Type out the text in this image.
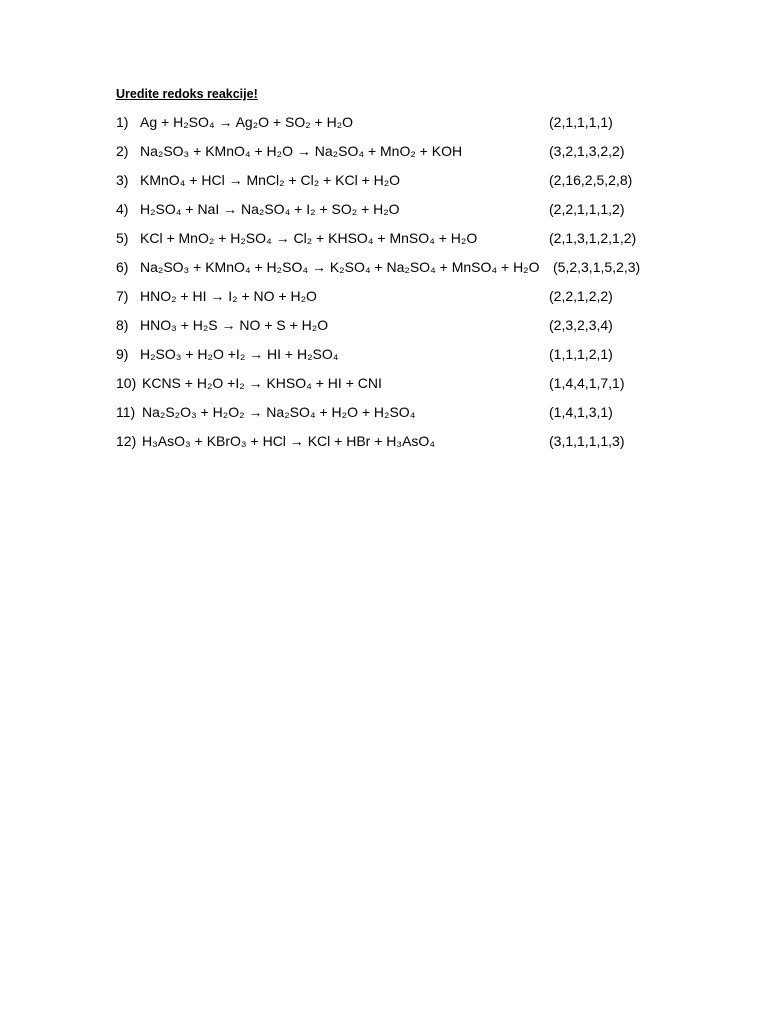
Uredite redoks reakcije!
1) Ag + H₂SO₄ → Ag₂O + SO₂ + H₂O	(2,1,1,1,1)
2) Na₂SO₃ + KMnO₄ + H₂O → Na₂SO₄ + MnO₂ + KOH	(3,2,1,3,2,2)
3) KMnO₄ + HCl → MnCl₂ + Cl₂ + KCl + H₂O	(2,16,2,5,2,8)
4) H₂SO₄ + NaI → Na₂SO₄ + I₂ + SO₂ + H₂O	(2,2,1,1,1,2)
5) KCl + MnO₂ + H₂SO₄ → Cl₂ + KHSO₄ + MnSO₄ + H₂O	(2,1,3,1,2,1,2)
6) Na₂SO₃ + KMnO₄ + H₂SO₄ → K₂SO₄ + Na₂SO₄ + MnSO₄ + H₂O (5,2,3,1,5,2,3)
7) HNO₂ + HI → I₂ + NO + H₂O	(2,2,1,2,2)
8) HNO₃ + H₂S → NO + S + H₂O	(2,3,2,3,4)
9) H₂SO₃ + H₂O +I₂ → HI + H₂SO₄	(1,1,1,2,1)
10) KCNS + H₂O +I₂ → KHSO₄ + HI + CNI	(1,4,4,1,7,1)
11) Na₂S₂O₃ + H₂O₂ → Na₂SO₄ + H₂O + H₂SO₄	(1,4,1,3,1)
12) H₃AsO₃ + KBrO₃ + HCl → KCl + HBr + H₃AsO₄	(3,1,1,1,1,3)
